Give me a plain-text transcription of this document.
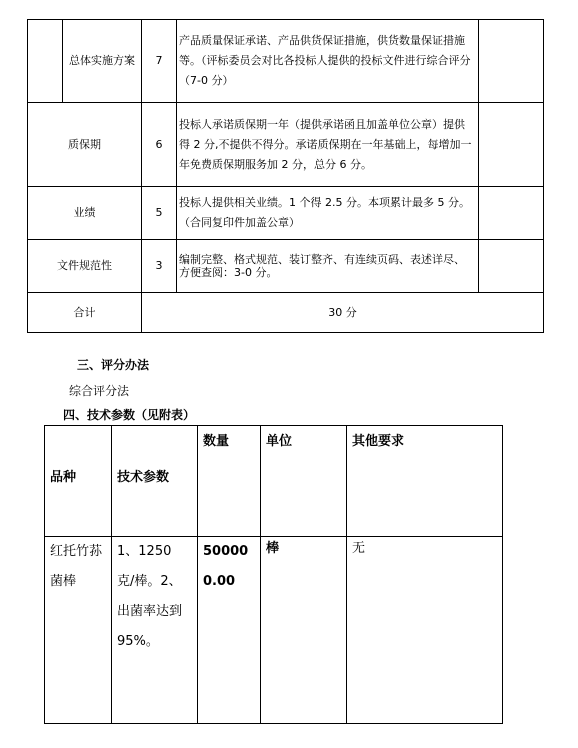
	总体实施方案	7	产品质量保证承诺、产品供货保证措施，供货数量保证措施等。（评标委员会对比各投标人提供的投标文件进行综合评分（7-0 分）	
质保期		6	投标人承诺质保期一年（提供承诺函且加盖单位公章）提供得 2 分,不提供不得分。承诺质保期在一年基础上，每增加一年免费质保期服务加 2 分，总分 6 分。	
业绩		5	投标人提供相关业绩。1 个得 2.5 分。本项累计最多 5 分。（合同复印件加盖公章）	
文件规范性		3	编制完整、格式规范、装订整齐、有连续页码、表述详尽、方便查阅：3-0 分。	
合计		30 分		
三、评分办法
综合评分法
四、技术参数（见附表）
品种	技术参数	数量	单位	其他要求
红托竹荪菌棒	1、1250 克/棒。2、出菌率达到 95%。	500000.00	棒	无
